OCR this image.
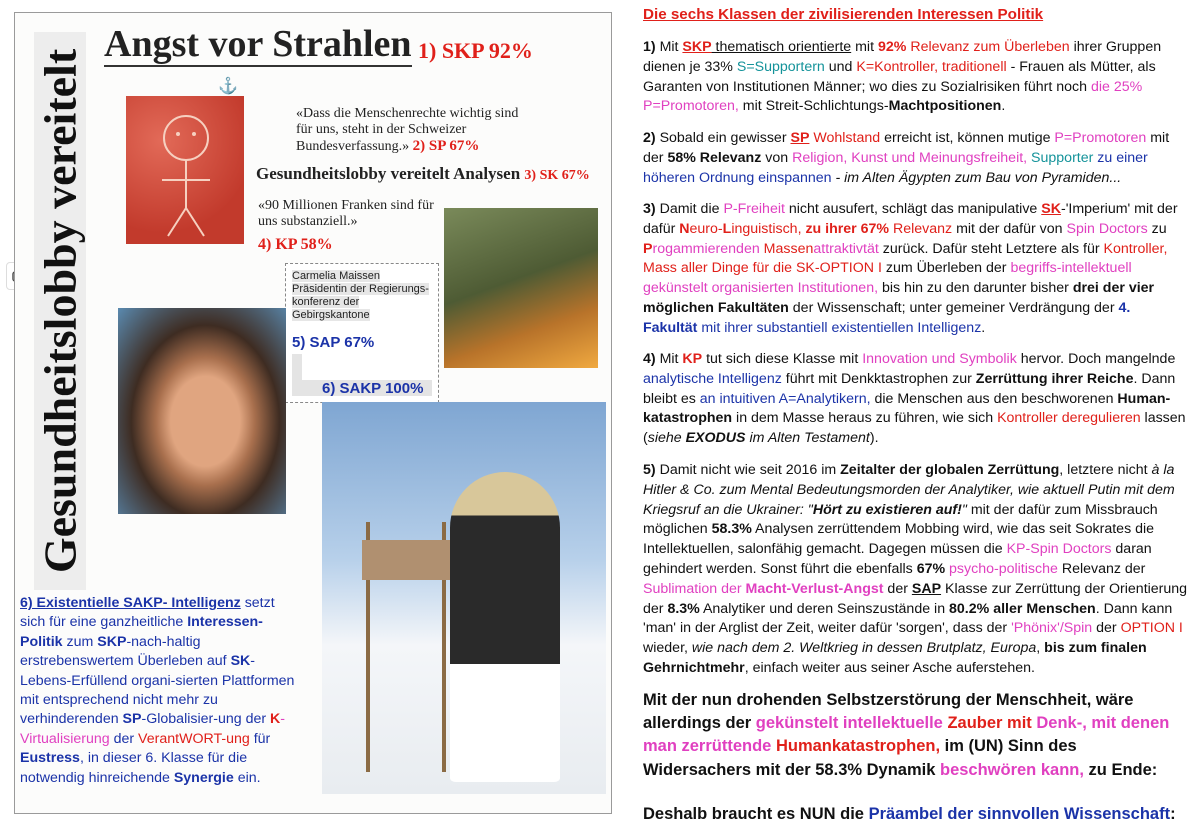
Gesundheitslobby vereitelt
Angst vor Strahlen 1) SKP 92%
⚓
«Dass die Menschenrechte wichtig sind für uns, steht in der Schweizer Bundesverfassung.» 2) SP 67%
Gesundheitslobby vereitelt Analysen 3) SK 67%
«90 Millionen Franken sind für uns substanziell.»
4) KP 58%
Carmelia Maissen
Präsidentin der Regierungs-
konferenz der
Gebirgskantone
5) SAP 67%
6) SAKP 100%
6) Existentielle SAKP- Intelligenz setzt sich für eine ganzheitliche Interessen-Politik zum SKP-nach-haltig erstrebenswertem Überleben auf SK-Lebens-Erfüllend organi-sierten Plattformen mit entsprechend nicht mehr zu verhinderenden SP-Globalisier-ung der K-Virtualisierung der VerantWORT-ung für Eustress, in dieser 6. Klasse für die notwendig hinreichende Synergie ein.
Die sechs Klassen der zivilisierenden Interessen Politik
1) Mit SKP thematisch orientierte mit 92% Relevanz zum Überleben ihrer Gruppen dienen je 33% S=Supportern und K=Kontroller, traditionell - Frauen als Mütter, als Garanten von Institutionen Männer; wo dies zu Sozialrisiken führt noch die 25% P=Promotoren, mit Streit-Schlichtungs-Machtpositionen.
2) Sobald ein gewisser SP Wohlstand erreicht ist, können mutige P=Promotoren mit der 58% Relevanz von Religion, Kunst und Meinungsfreiheit, Supporter zu einer höheren Ordnung einspannen - im Alten Ägypten zum Bau von Pyramiden...
3) Damit die P-Freiheit nicht ausufert, schlägt das manipulative SK-'Imperium' mit der dafür Neuro-Linguistisch, zu ihrer 67% Relevanz mit der dafür von Spin Doctors zu Progammierenden Massenattraktivtät zurück. Dafür steht Letztere als für Kontroller, Mass aller Dinge für die SK-OPTION I zum Überleben der begriffs-intellektuell gekünstelt organisierten Institutionen, bis hin zu den darunter bisher drei der vier möglichen Fakultäten der Wissenschaft; unter gemeiner Verdrängung der 4. Fakultät mit ihrer substantiell existentiellen Intelligenz.
4) Mit KP tut sich diese Klasse mit Innovation und Symbolik hervor. Doch mangelnde analytische Intelligenz führt mit Denkktastrophen zur Zerrüttung ihrer Reiche. Dann bleibt es an intuitiven A=Analytikern, die Menschen aus den beschworenen Human-katastrophen in dem Masse heraus zu führen, wie sich Kontroller deregulieren lassen (siehe EXODUS im Alten Testament).
5) Damit nicht wie seit 2016 im Zeitalter der globalen Zerrüttung, letztere nicht à la Hitler & Co. zum Mental Bedeutungsmorden der Analytiker, wie aktuell Putin mit dem Kriegsruf an die Ukrainer: "Hört zu existieren auf!" mit der dafür zum Missbrauch möglichen 58.3% Analysen zerrüttendem Mobbing wird, wie das seit Sokrates die Intellektuellen, salonfähig gemacht. Dagegen müssen die KP-Spin Doctors daran gehindert werden. Sonst führt die ebenfalls 67% psycho-politische Relevanz der Sublimation der Macht-Verlust-Angst der SAP Klasse zur Zerrüttung der Orientierung der 8.3% Analytiker und deren Seinszustände in 80.2% aller Menschen. Dann kann 'man' in der Arglist der Zeit, weiter dafür 'sorgen', dass der 'Phönix'/Spin der OPTION I wieder, wie nach dem 2. Weltkrieg in dessen Brutplatz, Europa, bis zum finalen Gehrnichtmehr, einfach weiter aus seiner Asche auferstehen.
Mit der nun drohenden Selbstzerstörung der Menschheit, wäre allerdings der gekünstelt intellektuelle Zauber mit Denk-, mit denen man zerrüttende Humankatastrophen, im (UN) Sinn des Widersachers mit der 58.3% Dynamik beschwören kann, zu Ende:
Deshalb braucht es NUN die Präambel der sinnvollen Wissenschaft:
